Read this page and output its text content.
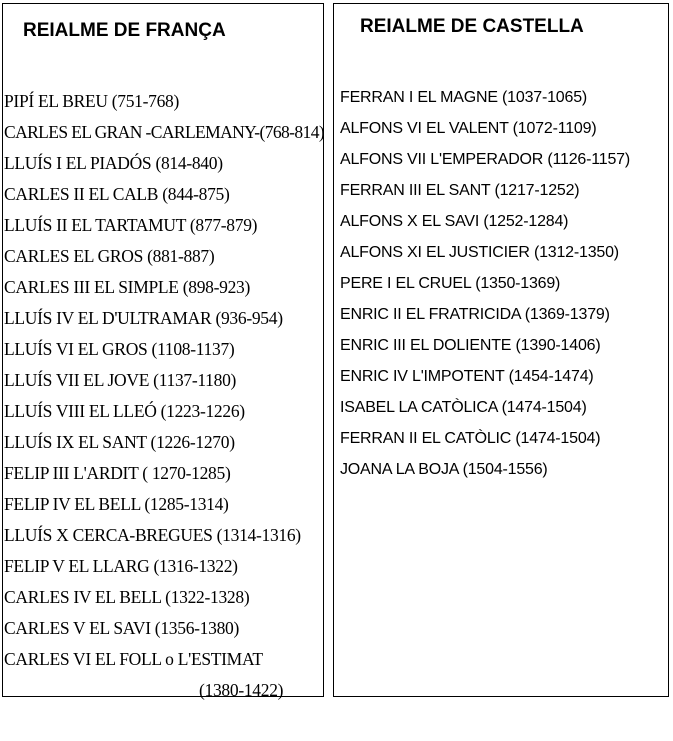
REIALME DE FRANÇA
PIPÍ EL BREU (751-768)
CARLES EL GRAN -CARLEMANY-(768-814)
LLUÍS I EL PIADÓS (814-840)
CARLES II EL CALB (844-875)
LLUÍS II EL TARTAMUT (877-879)
CARLES EL GROS (881-887)
CARLES III EL SIMPLE (898-923)
LLUÍS IV EL D'ULTRAMAR (936-954)
LLUÍS VI EL GROS (1108-1137)
LLUÍS VII EL JOVE (1137-1180)
LLUÍS VIII EL LLEÓ (1223-1226)
LLUÍS IX EL SANT (1226-1270)
FELIP III L'ARDIT ( 1270-1285)
FELIP IV EL BELL (1285-1314)
LLUÍS X CERCA-BREGUES (1314-1316)
FELIP V EL LLARG (1316-1322)
CARLES IV EL BELL (1322-1328)
CARLES V EL SAVI (1356-1380)
CARLES VI EL FOLL o L'ESTIMAT
(1380-1422)
REIALME DE CASTELLA
FERRAN I EL MAGNE (1037-1065)
ALFONS VI EL VALENT (1072-1109)
ALFONS VII L'EMPERADOR (1126-1157)
FERRAN III EL SANT (1217-1252)
ALFONS X EL SAVI (1252-1284)
ALFONS XI EL JUSTICIER (1312-1350)
PERE I EL CRUEL (1350-1369)
ENRIC II EL FRATRICIDA (1369-1379)
ENRIC III EL DOLIENTE (1390-1406)
ENRIC IV L'IMPOTENT (1454-1474)
ISABEL LA CATÒLICA (1474-1504)
FERRAN II EL CATÒLIC (1474-1504)
JOANA LA BOJA (1504-1556)
